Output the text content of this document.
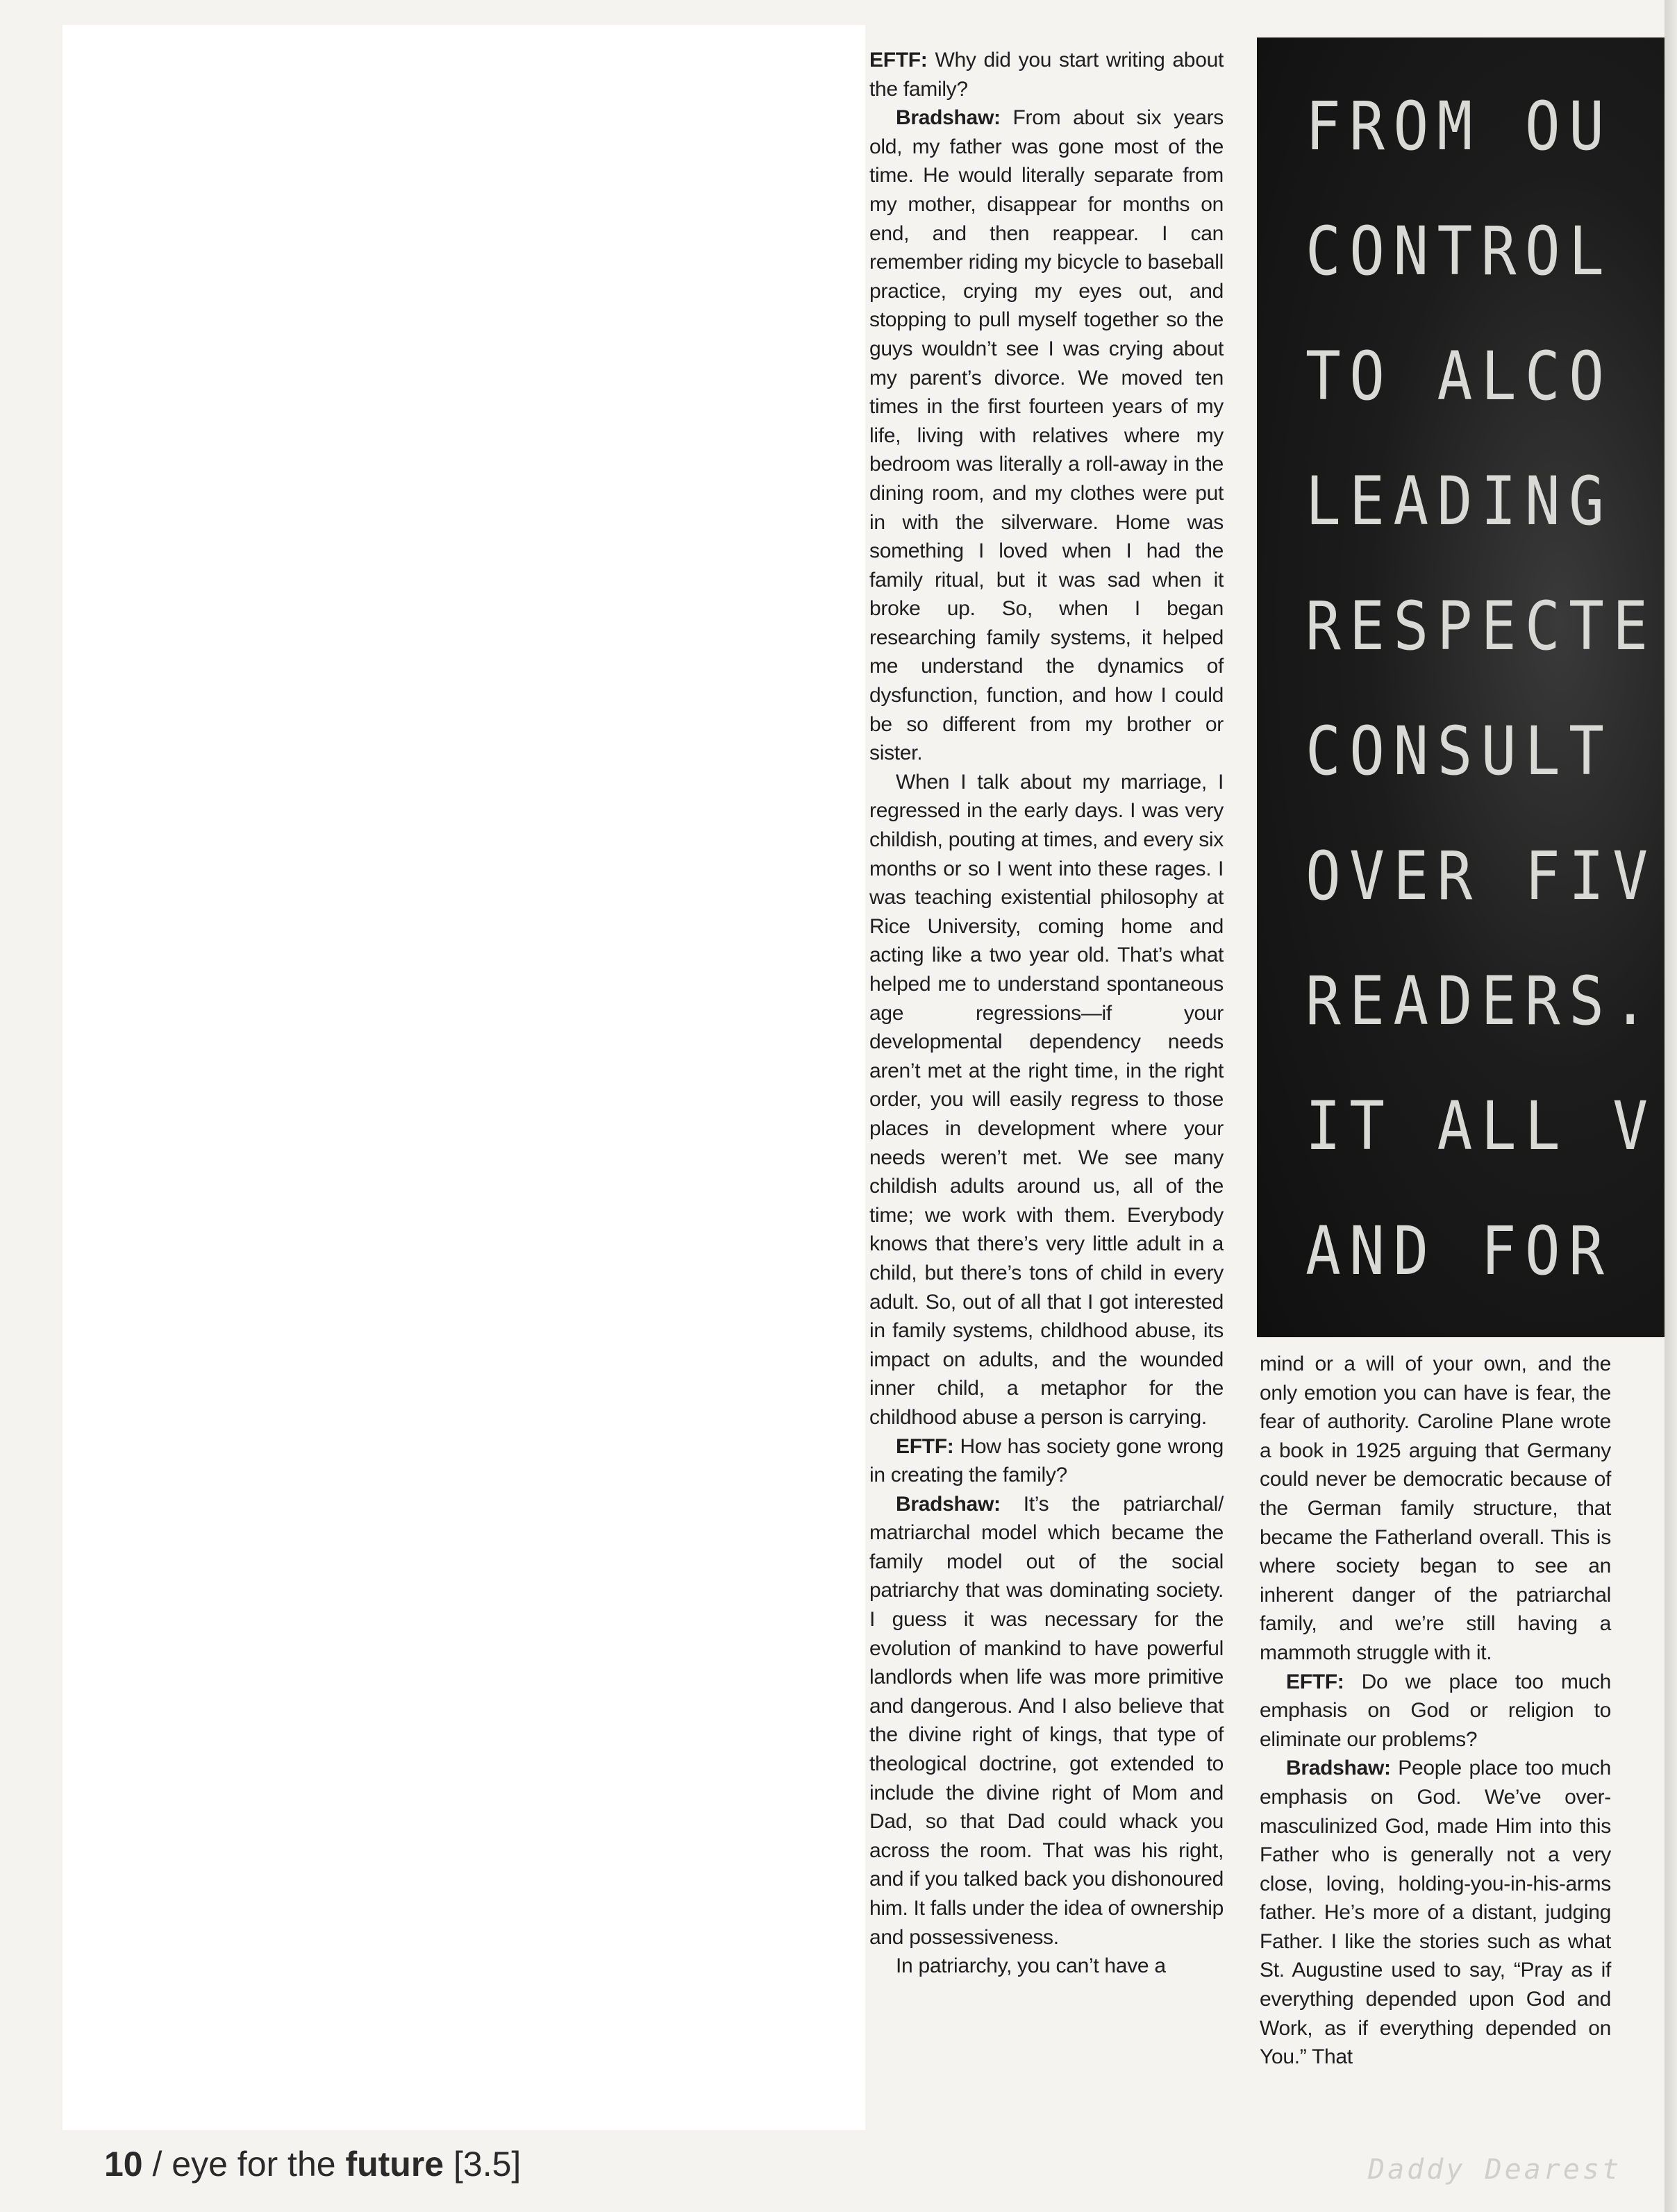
EFTF: Why did you start writing about the family?

Bradshaw: From about six years old, my father was gone most of the time. He would literally separate from my mother, disappear for months on end, and then reappear. I can remember riding my bicycle to baseball practice, crying my eyes out, and stopping to pull myself together so the guys wouldn’t see I was crying about my parent’s divorce. We moved ten times in the first fourteen years of my life, living with relatives where my bedroom was literally a roll-away in the dining room, and my clothes were put in with the silverware. Home was something I loved when I had the family ritual, but it was sad when it broke up. So, when I began researching family systems, it helped me understand the dynamics of dysfunction, function, and how I could be so different from my brother or sister.

When I talk about my marriage, I regressed in the early days. I was very childish, pouting at times, and every six months or so I went into these rages. I was teaching existential philosophy at Rice University, coming home and acting like a two year old. That’s what helped me to understand spontaneous age regressions—if your developmental dependency needs aren’t met at the right time, in the right order, you will easily regress to those places in development where your needs weren’t met. We see many childish adults around us, all of the time; we work with them. Everybody knows that there’s very little adult in a child, but there’s tons of child in every adult. So, out of all that I got interested in family systems, childhood abuse, its impact on adults, and the wounded inner child, a metaphor for the childhood abuse a person is carrying.

EFTF: How has society gone wrong in creating the family?

Bradshaw: It’s the patriarchal/ matriarchal model which became the family model out of the social patriarchy that was dominating society. I guess it was necessary for the evolution of mankind to have powerful landlords when life was more primitive and dangerous. And I also believe that the divine right of kings, that type of theological doctrine, got extended to include the divine right of Mom and Dad, so that Dad could whack you across the room. That was his right, and if you talked back you dishonoured him. It falls under the idea of ownership and possessiveness.

In patriarchy, you can’t have a

FROM OU
CONTROL
TO ALCO
LEADING
RESPECTE
CONSULT
OVER FIV
READERS.
IT ALL V
AND FOR

mind or a will of your own, and the only emotion you can have is fear, the fear of authority. Caroline Plane wrote a book in 1925 arguing that Germany could never be democratic because of the German family structure, that became the Fatherland overall. This is where society began to see an inherent danger of the patriarchal family, and we’re still having a mammoth struggle with it.

EFTF: Do we place too much emphasis on God or religion to eliminate our problems?

Bradshaw: People place too much emphasis on God. We’ve over-masculinized God, made Him into this Father who is generally not a very close, loving, holding-you-in-his-arms father. He’s more of a distant, judging Father. I like the stories such as what St. Augustine used to say, “Pray as if everything depended upon God and Work, as if everything depended on You.” That

10 / eye for the future [3.5]	Daddy Dearest
